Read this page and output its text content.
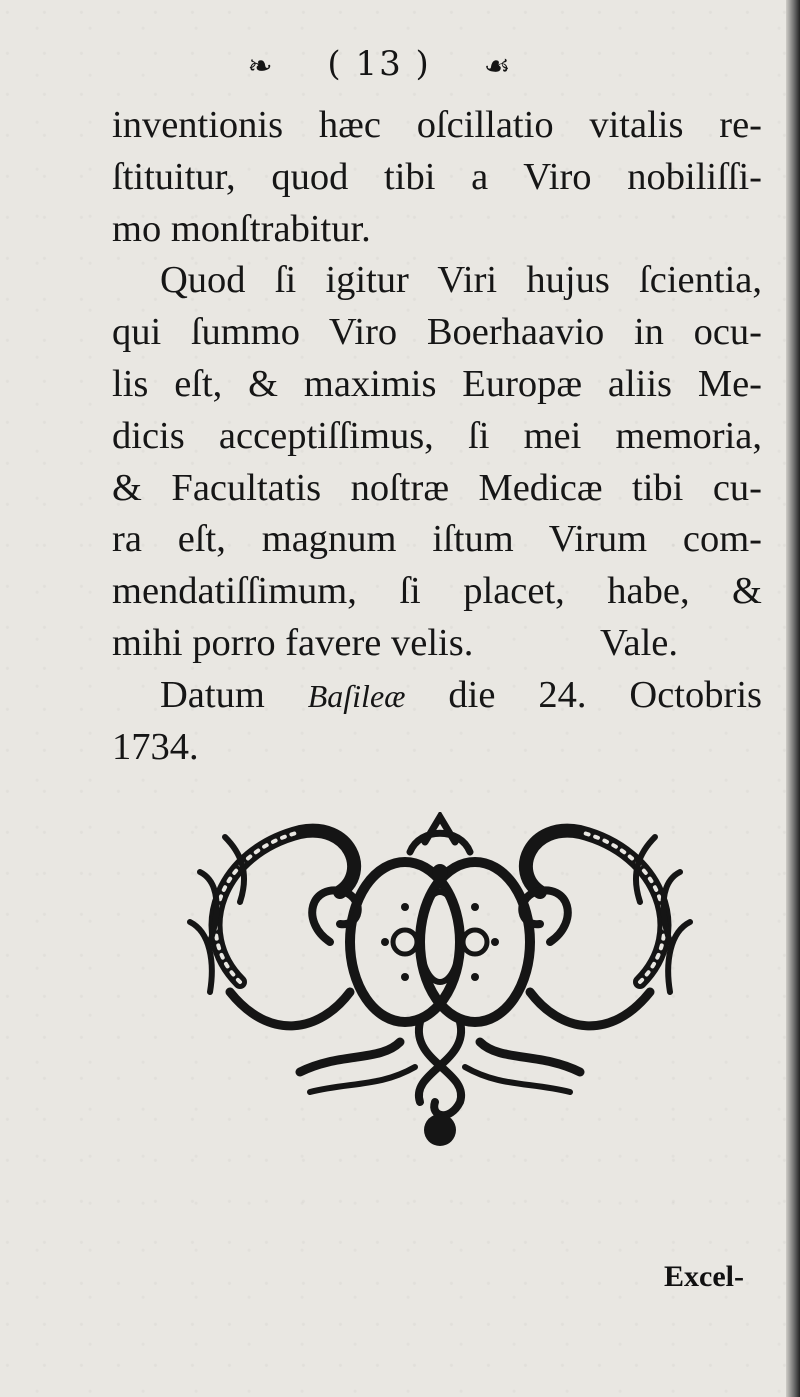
❧ ( 13 ) ☙
inventionis hæc oſcillatio vitalis re-
ſtituitur, quod tibi a Viro nobiliſſi-
mo monſtrabitur.
Quod ſi igitur Viri hujus ſcientia,
qui ſummo Viro Boerhaavio in ocu-
lis eſt, & maximis Europæ aliis Me-
dicis acceptiſſimus, ſi mei memoria,
& Facultatis noſtræ Medicæ tibi cu-
ra eſt, magnum iſtum Virum com-
mendatiſſimum, ſi placet, habe, &
mihi porro favere velis.	Vale.
Datum Baſileæ die 24. Octobris
1734.
Excel-
